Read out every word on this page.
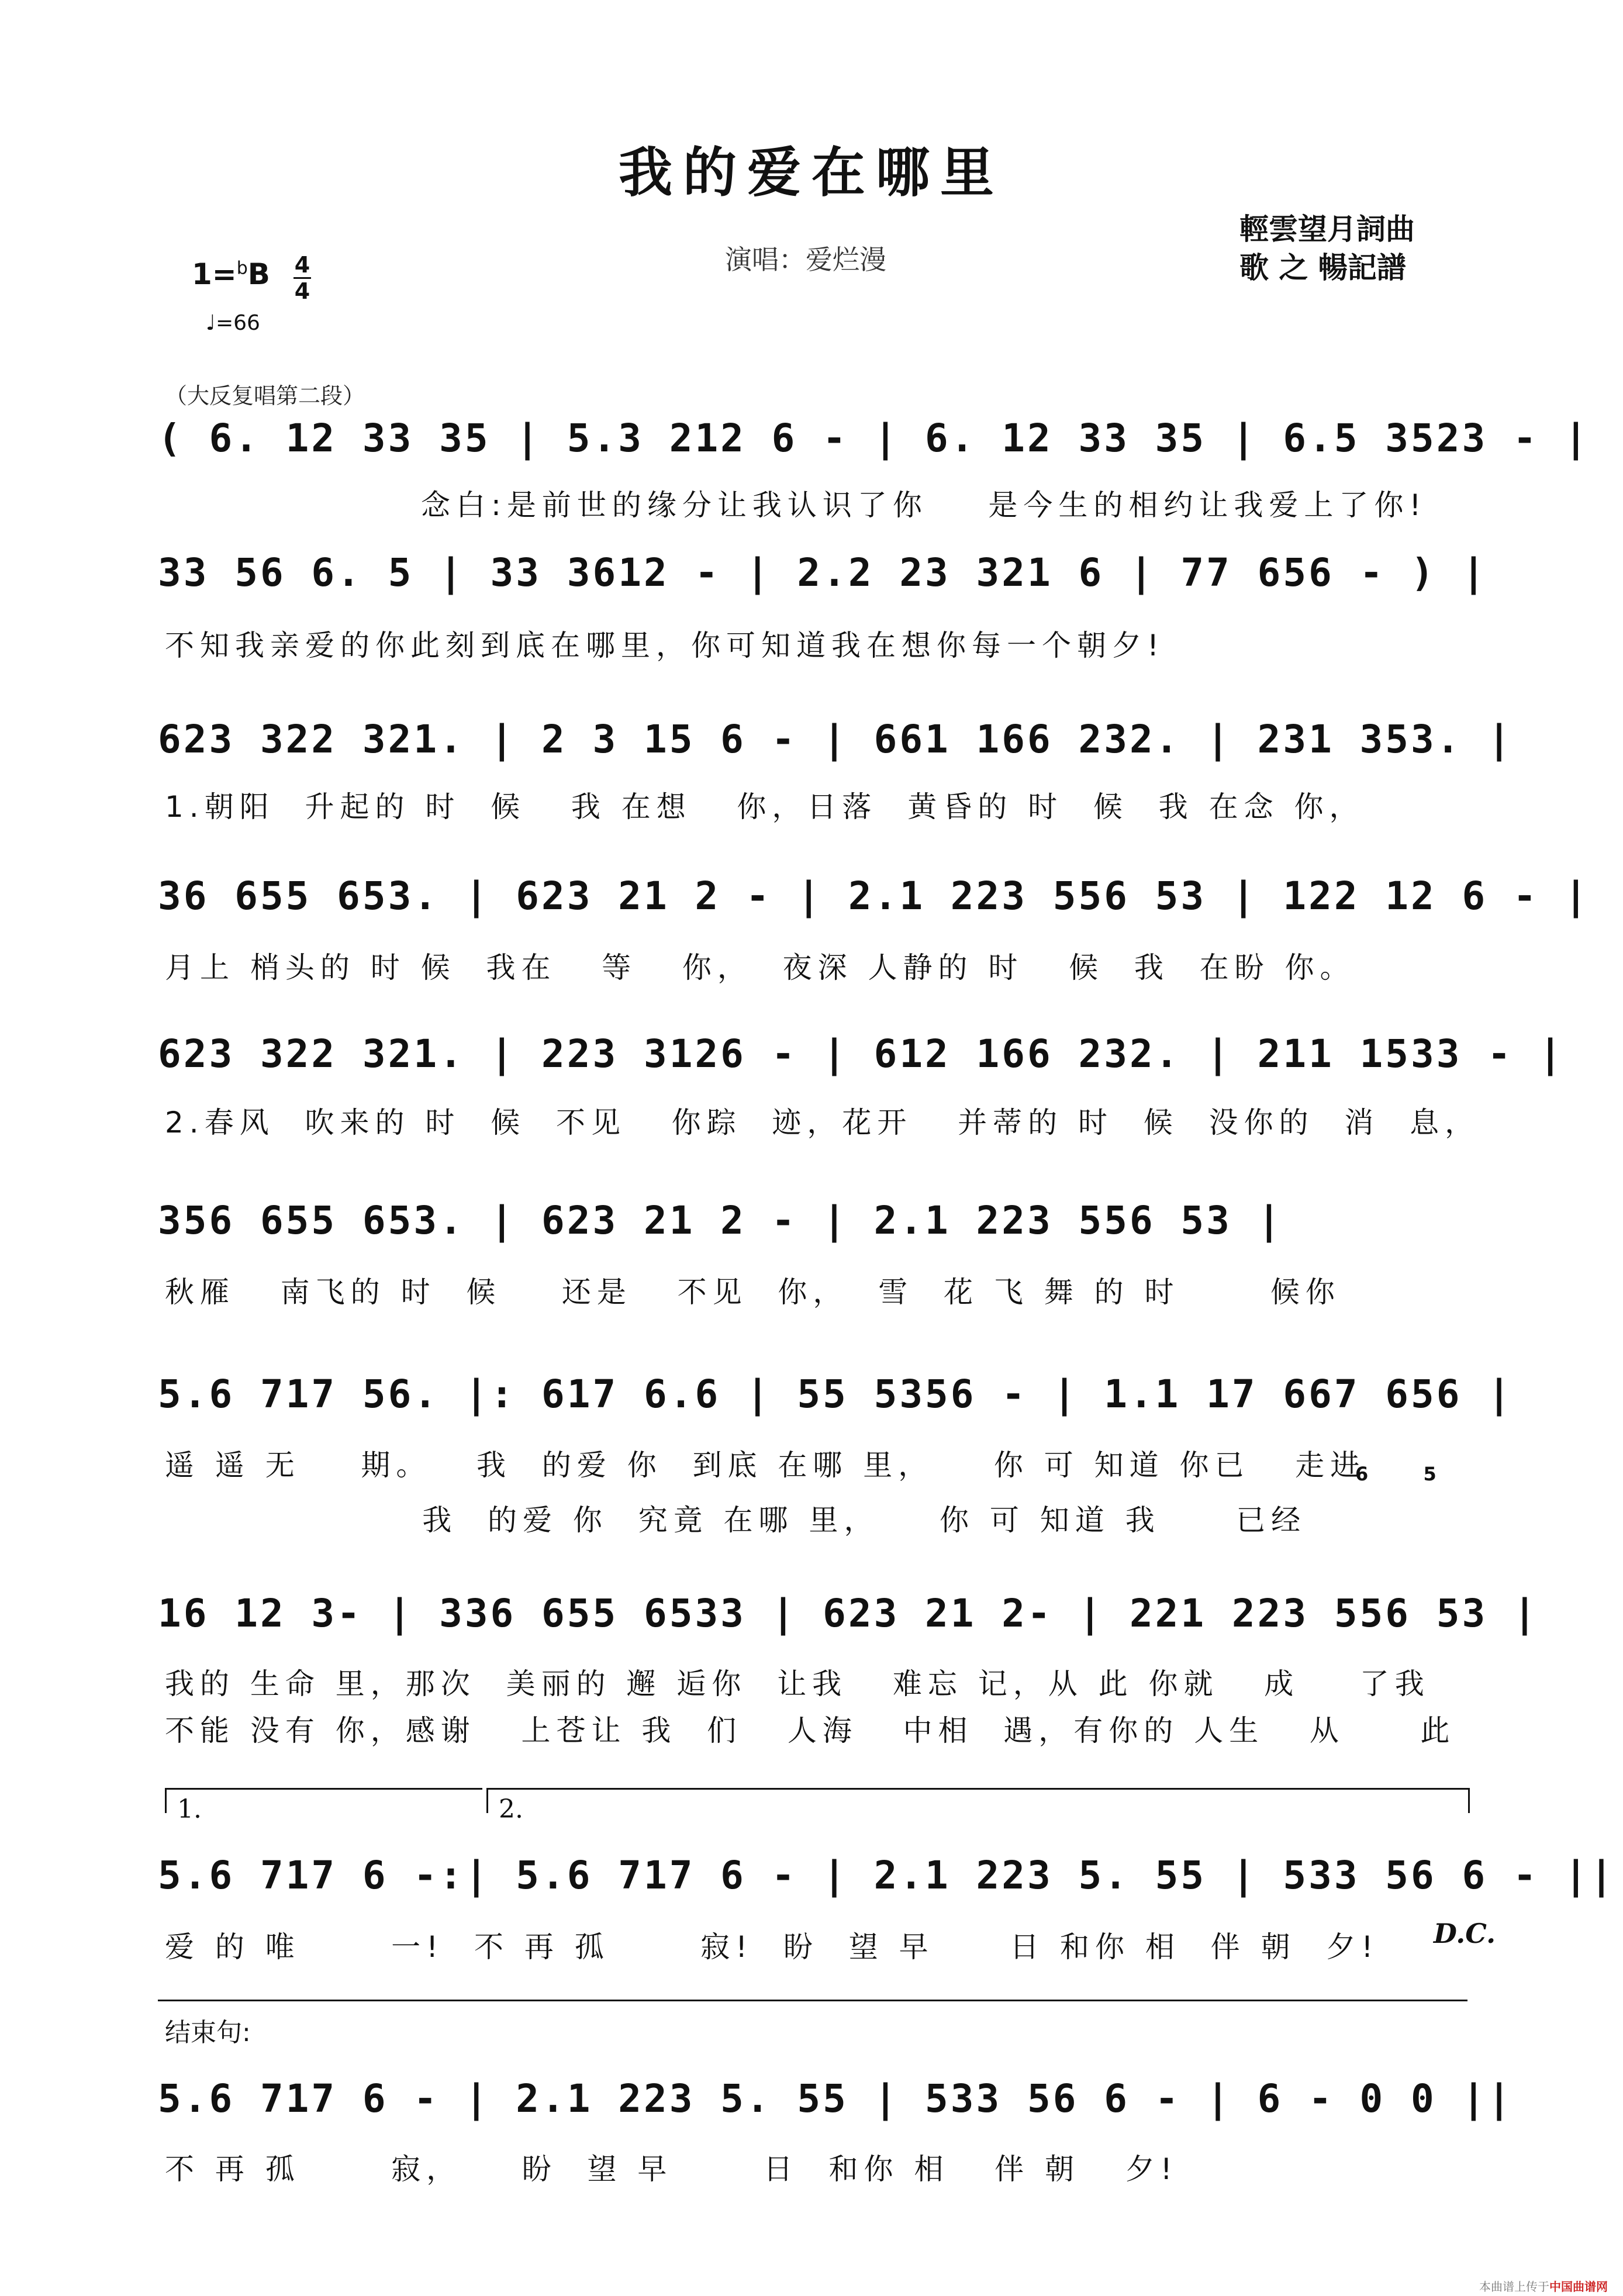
我的爱在哪里
演唱：爱烂漫
輕雲望月詞曲
歌 之 暢記譜
1=$^b$B 4
4
♩=66
（大反复唱第二段）
( 6. 12 33 35 | 5.3 212 6 - | 6. 12 33 35 | 6.5 3523 - |
念白:是前世的缘分让我认识了你    是今生的相约让我爱上了你!
33 56 6. 5 | 33 3612 - | 2.2 23 321 6 | 77 656 - ) |
不知我亲爱的你此刻到底在哪里，你可知道我在想你每一个朝夕!
623 322 321. | 2 3 15 6 - | 661 166 232. | 231 353. |
1.朝阳  升起的 时  候   我 在想   你，日落  黄昏的 时  候  我 在念 你，
36 655 653. | 623 21 2 - | 2.1 223 556 53 | 122 12 6 - |
月上 梢头的 时 候  我在   等   你，  夜深 人静的 时   候  我  在盼 你。
623 322 321. | 223 3126 - | 612 166 232. | 211 1533 - |
2.春风  吹来的 时  候  不见   你踪  迹，花开   并蒂的 时  候  没你的  消  息，
356 655 653. | 623 21 2 - | 2.1 223 556 53 |
秋雁   南飞的 时  候    还是   不见  你，  雪  花 飞 舞 的 时      候你
5.6 717 56. |: 617 6.6 | 55 5356 - | 1.1 17 667 656 |
遥 遥 无    期。   我  的爱 你  到底 在哪 里，    你 可 知道 你已   走进
6  5
我  的爱 你  究竟 在哪 里，    你 可 知道 我     已经
16 12 3- | 336 655 6533 | 623 21 2- | 221 223 556 53 |
我的 生命 里，那次  美丽的 邂 逅你  让我   难忘 记，从 此 你就   成    了我
不能 没有 你，感谢   上苍让 我  们   人海   中相  遇，有你的 人生   从     此
1.	2.
5.6 717 6 -:| 5.6 717 6 - | 2.1 223 5. 55 | 533 56 6 - ||
爱 的 唯      一!  不 再 孤      寂!  盼  望 早     日 和你 相  伴 朝  夕! D.C.
结束句:
5.6 717 6 - | 2.1 223 5. 55 | 533 56 6 - | 6 - 0 0 ||
不 再 孤      寂，    盼  望 早      日  和你 相   伴 朝   夕!
本曲谱上传于中国曲谱网
